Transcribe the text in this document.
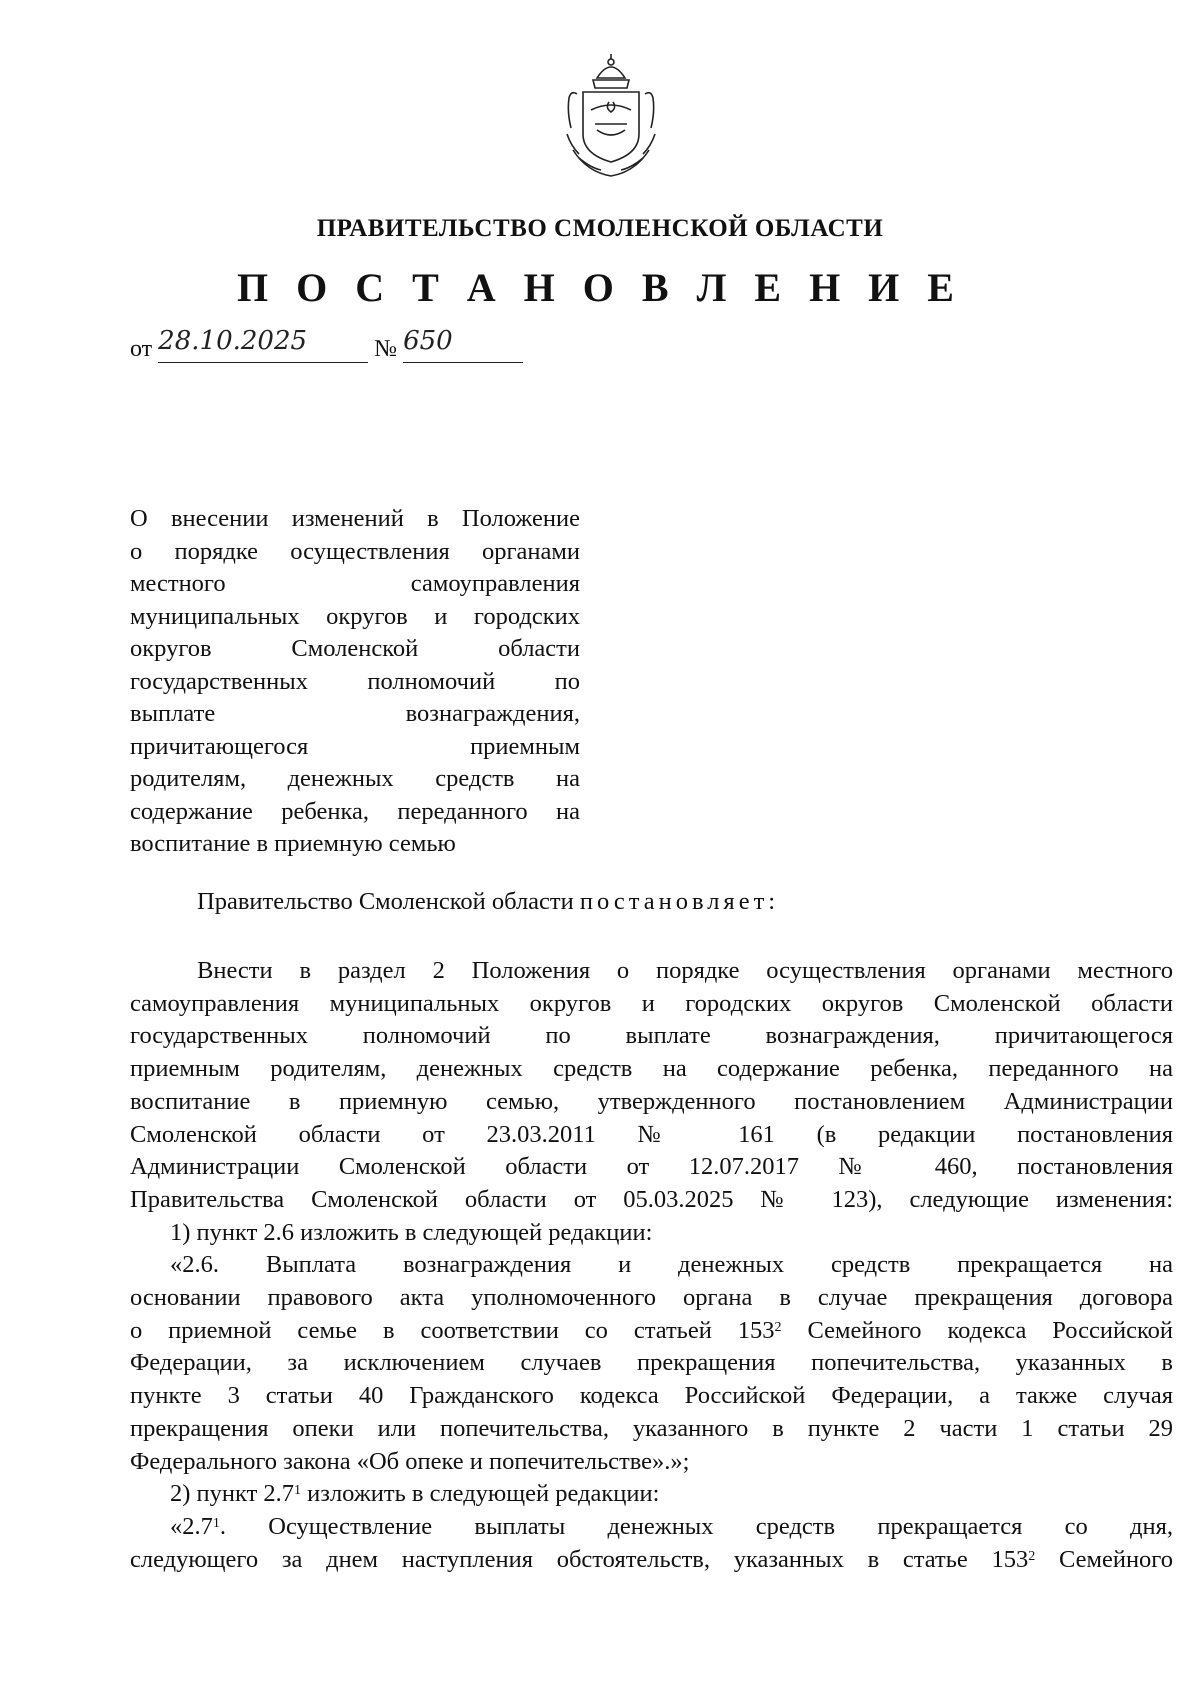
ПРАВИТЕЛЬСТВО СМОЛЕНСКОЙ ОБЛАСТИ
П О С Т А Н О В Л Е Н И Е
от 28.10.2025	№ 650
О внесении изменений в Положение
о порядке осуществления органами
местного самоуправления
муниципальных округов и городских
округов Смоленской области
государственных полномочий по
выплате вознаграждения,
причитающегося приемным
родителям, денежных средств на
содержание ребенка, переданного на
воспитание в приемную семью
Правительство Смоленской области постановляет:
Внести в раздел 2 Положения о порядке осуществления органами местного
самоуправления муниципальных округов и городских округов Смоленской области
государственных полномочий по выплате вознаграждения, причитающегося
приемным родителям, денежных средств на содержание ребенка, переданного на
воспитание в приемную семью, утвержденного постановлением Администрации
Смоленской области от 23.03.2011 № 161 (в редакции постановления
Администрации Смоленской области от 12.07.2017 № 460, постановления
Правительства Смоленской области от 05.03.2025 № 123), следующие изменения:
1) пункт 2.6 изложить в следующей редакции:
«2.6. Выплата вознаграждения и денежных средств прекращается на
основании правового акта уполномоченного органа в случае прекращения договора
о приемной семье в соответствии со статьей $153^2$ Семейного кодекса Российской
Федерации, за исключением случаев прекращения попечительства, указанных в
пункте 3 статьи 40 Гражданского кодекса Российской Федерации, а также случая
прекращения опеки или попечительства, указанного в пункте 2 части 1 статьи 29
Федерального закона «Об опеке и попечительстве».»;
2) пункт $2.7^1$ изложить в следующей редакции:
«$2.7^1$. Осуществление выплаты денежных средств прекращается со дня,
следующего за днем наступления обстоятельств, указанных в статье $153^2$ Семейного
